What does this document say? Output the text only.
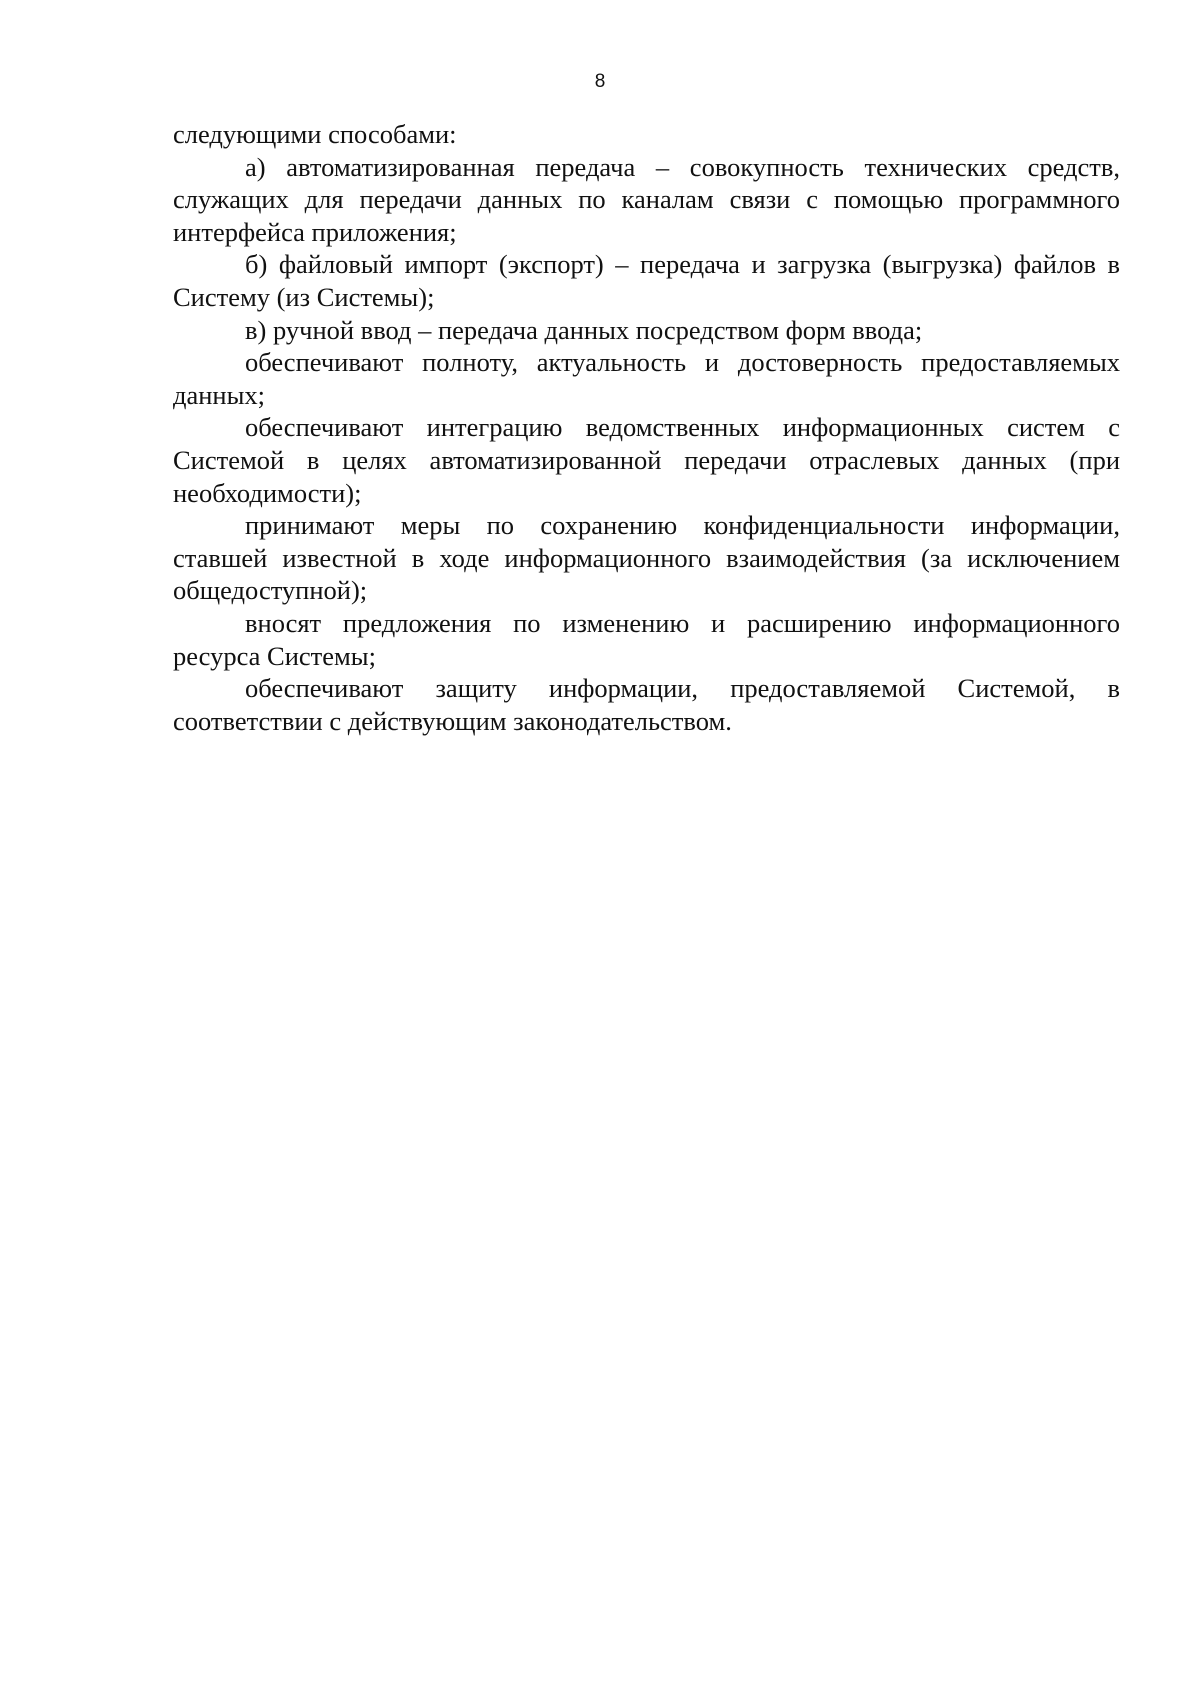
8

следующими способами:

а) автоматизированная передача – совокупность технических средств, служащих для передачи данных по каналам связи с помощью программного интерфейса приложения;

б) файловый импорт (экспорт) – передача и загрузка (выгрузка) файлов в Систему (из Системы);

в) ручной ввод – передача данных посредством форм ввода;

обеспечивают полноту, актуальность и достоверность предоставляемых данных;

обеспечивают интеграцию ведомственных информационных систем с Системой в целях автоматизированной передачи отраслевых данных (при необходимости);

принимают меры по сохранению конфиденциальности информации, ставшей известной в ходе информационного взаимодействия (за исключением общедоступной);

вносят предложения по изменению и расширению информационного ресурса Системы;

обеспечивают защиту информации, предоставляемой Системой, в соответствии с действующим законодательством.
